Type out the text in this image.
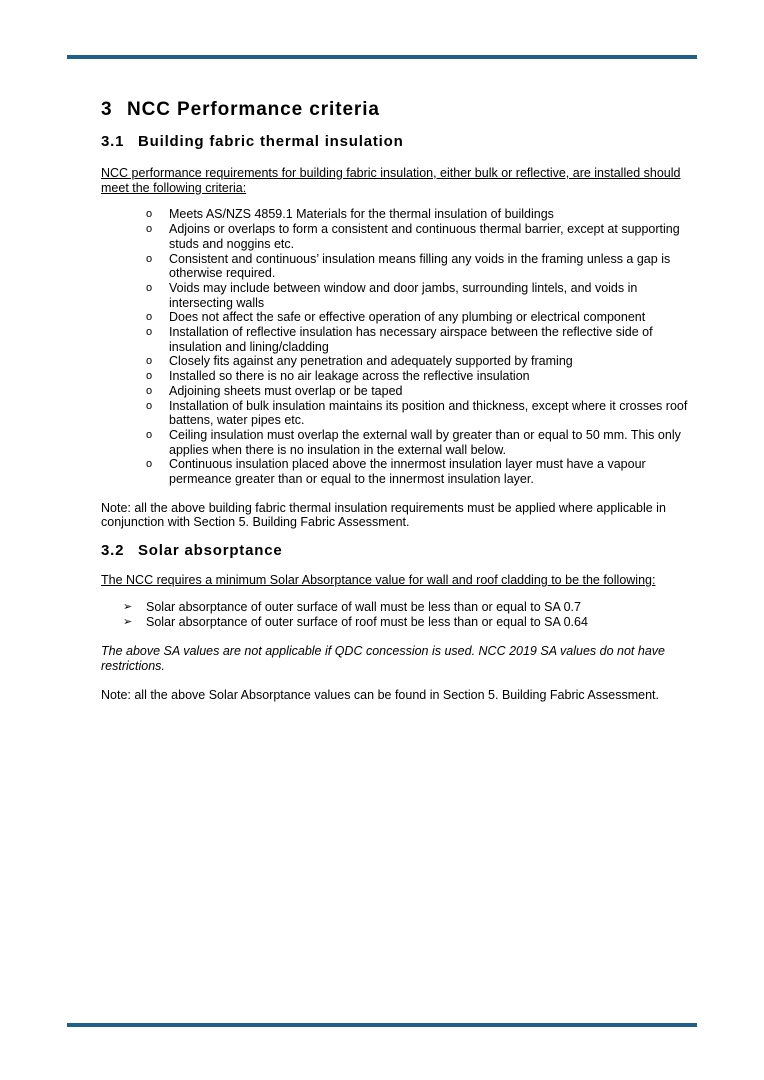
3 NCC Performance criteria
3.1 Building fabric thermal insulation

NCC performance requirements for building fabric insulation, either bulk or reflective, are installed should meet the following criteria:

o Meets AS/NZS 4859.1 Materials for the thermal insulation of buildings
o Adjoins or overlaps to form a consistent and continuous thermal barrier, except at supporting studs and noggins etc.
o Consistent and continuous’ insulation means filling any voids in the framing unless a gap is otherwise required.
o Voids may include between window and door jambs, surrounding lintels, and voids in intersecting walls
o Does not affect the safe or effective operation of any plumbing or electrical component
o Installation of reflective insulation has necessary airspace between the reflective side of insulation and lining/cladding
o Closely fits against any penetration and adequately supported by framing
o Installed so there is no air leakage across the reflective insulation
o Adjoining sheets must overlap or be taped
o Installation of bulk insulation maintains its position and thickness, except where it crosses roof battens, water pipes etc.
o Ceiling insulation must overlap the external wall by greater than or equal to 50 mm. This only applies when there is no insulation in the external wall below.
o Continuous insulation placed above the innermost insulation layer must have a vapour permeance greater than or equal to the innermost insulation layer.

Note: all the above building fabric thermal insulation requirements must be applied where applicable in conjunction with Section 5. Building Fabric Assessment.

3.2 Solar absorptance

The NCC requires a minimum Solar Absorptance value for wall and roof cladding to be the following:

➢ Solar absorptance of outer surface of wall must be less than or equal to SA 0.7
➢ Solar absorptance of outer surface of roof must be less than or equal to SA 0.64

The above SA values are not applicable if QDC concession is used. NCC 2019 SA values do not have restrictions.

Note: all the above Solar Absorptance values can be found in Section 5. Building Fabric Assessment.
